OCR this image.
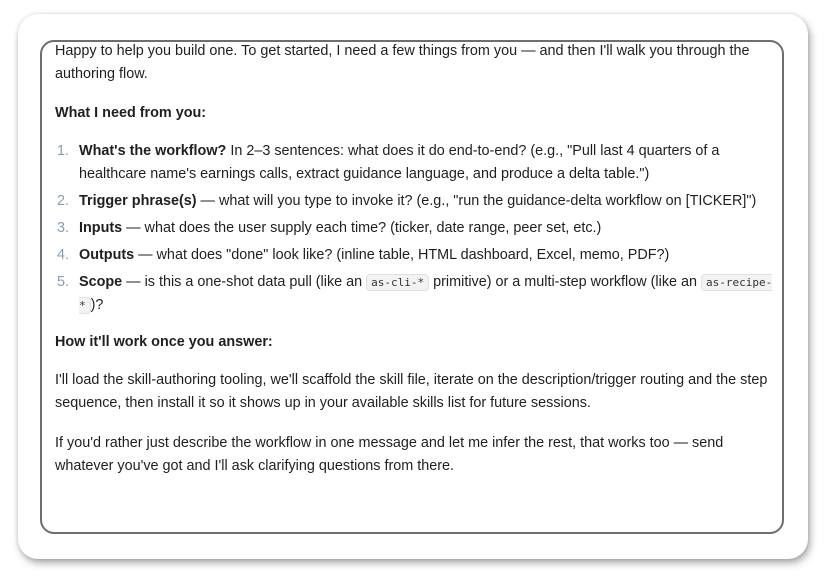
Happy to help you build one. To get started, I need a few things from you — and then I'll walk you through the authoring flow.

What I need from you:

1. What's the workflow? In 2–3 sentences: what does it do end-to-end? (e.g., "Pull last 4 quarters of a healthcare name's earnings calls, extract guidance language, and produce a delta table.")
2. Trigger phrase(s) — what will you type to invoke it? (e.g., "run the guidance-delta workflow on [TICKER]")
3. Inputs — what does the user supply each time? (ticker, date range, peer set, etc.)
4. Outputs — what does "done" look like? (inline table, HTML dashboard, Excel, memo, PDF?)
5. Scope — is this a one-shot data pull (like an as-cli-* primitive) or a multi-step workflow (like an as-recipe-* )?

How it'll work once you answer:

I'll load the skill-authoring tooling, we'll scaffold the skill file, iterate on the description/trigger routing and the step sequence, then install it so it shows up in your available skills list for future sessions.

If you'd rather just describe the workflow in one message and let me infer the rest, that works too — send whatever you've got and I'll ask clarifying questions from there.
